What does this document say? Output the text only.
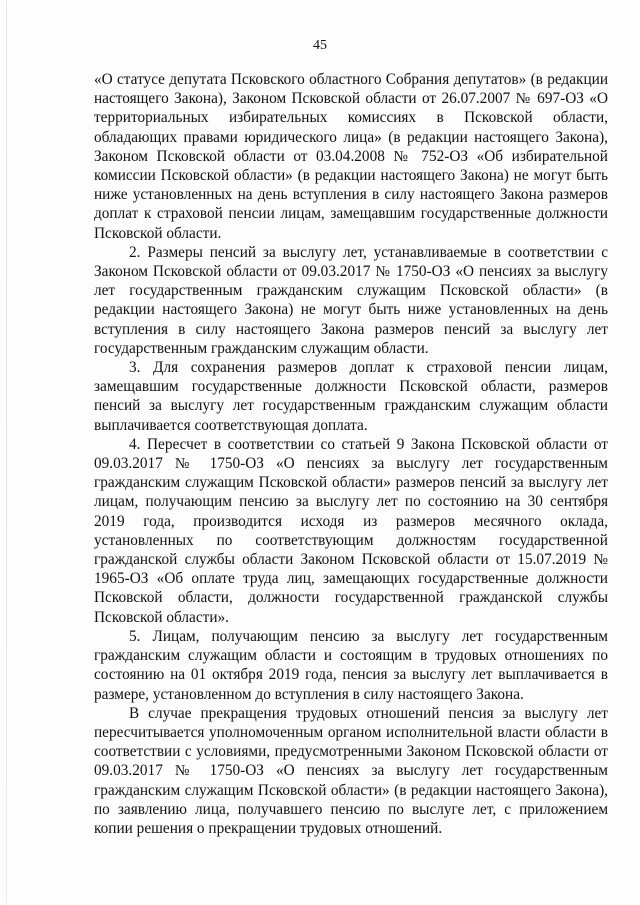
45

«О статусе депутата Псковского областного Собрания депутатов» (в редакции настоящего Закона), Законом Псковской области от 26.07.2007 № 697-ОЗ «О территориальных избирательных комиссиях в Псковской области, обладающих правами юридического лица» (в редакции настоящего Закона), Законом Псковской области от 03.04.2008 № 752-ОЗ «Об избирательной комиссии Псковской области» (в редакции настоящего Закона) не могут быть ниже установленных на день вступления в силу настоящего Закона размеров доплат к страховой пенсии лицам, замещавшим государственные должности Псковской области.

2. Размеры пенсий за выслугу лет, устанавливаемые в соответствии с Законом Псковской области от 09.03.2017 № 1750-ОЗ «О пенсиях за выслугу лет государственным гражданским служащим Псковской области» (в редакции настоящего Закона) не могут быть ниже установленных на день вступления в силу настоящего Закона размеров пенсий за выслугу лет государственным гражданским служащим области.

3. Для сохранения размеров доплат к страховой пенсии лицам, замещавшим государственные должности Псковской области, размеров пенсий за выслугу лет государственным гражданским служащим области выплачивается соответствующая доплата.

4. Пересчет в соответствии со статьей 9 Закона Псковской области от 09.03.2017 № 1750-ОЗ «О пенсиях за выслугу лет государственным гражданским служащим Псковской области» размеров пенсий за выслугу лет лицам, получающим пенсию за выслугу лет по состоянию на 30 сентября 2019 года, производится исходя из размеров месячного оклада, установленных по соответствующим должностям государственной гражданской службы области Законом Псковской области от 15.07.2019 № 1965-ОЗ «Об оплате труда лиц, замещающих государственные должности Псковской области, должности государственной гражданской службы Псковской области».

5. Лицам, получающим пенсию за выслугу лет государственным гражданским служащим области и состоящим в трудовых отношениях по состоянию на 01 октября 2019 года, пенсия за выслугу лет выплачивается в размере, установленном до вступления в силу настоящего Закона.

В случае прекращения трудовых отношений пенсия за выслугу лет пересчитывается уполномоченным органом исполнительной власти области в соответствии с условиями, предусмотренными Законом Псковской области от 09.03.2017 № 1750-ОЗ «О пенсиях за выслугу лет государственным гражданским служащим Псковской области» (в редакции настоящего Закона), по заявлению лица, получавшего пенсию по выслуге лет, с приложением копии решения о прекращении трудовых отношений.
